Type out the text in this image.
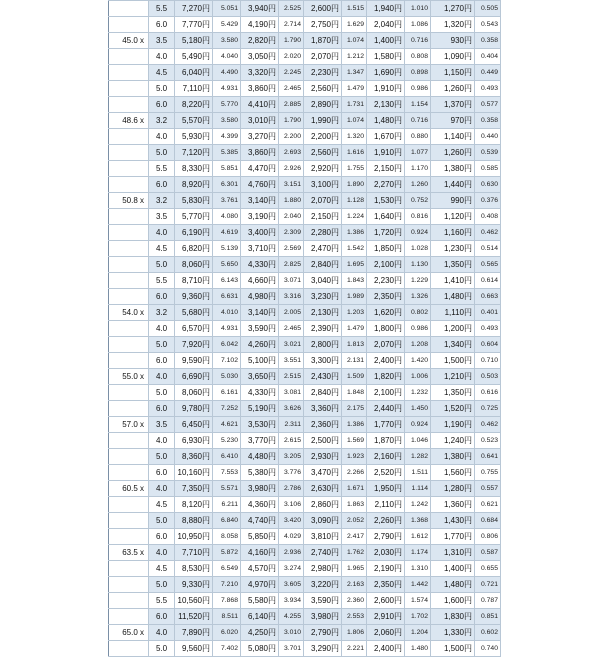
	5.5	7,270円	5.051	3,940円	2.525	2,600円	1.515	1,940円	1.010	1,270円	0.505
	6.0	7,770円	5.429	4,190円	2.714	2,750円	1.629	2,040円	1.086	1,320円	0.543
45.0 x	3.5	5,180円	3.580	2,820円	1.790	1,870円	1.074	1,400円	0.716	930円	0.358
	4.0	5,490円	4.040	3,050円	2.020	2,070円	1.212	1,580円	0.808	1,090円	0.404
	4.5	6,040円	4.490	3,320円	2.245	2,230円	1.347	1,690円	0.898	1,150円	0.449
	5.0	7,110円	4.931	3,860円	2.465	2,560円	1.479	1,910円	0.986	1,260円	0.493
	6.0	8,220円	5.770	4,410円	2.885	2,890円	1.731	2,130円	1.154	1,370円	0.577
48.6 x	3.2	5,570円	3.580	3,010円	1.790	1,990円	1.074	1,480円	0.716	970円	0.358
	4.0	5,930円	4.399	3,270円	2.200	2,200円	1.320	1,670円	0.880	1,140円	0.440
	5.0	7,120円	5.385	3,860円	2.693	2,560円	1.616	1,910円	1.077	1,260円	0.539
	5.5	8,330円	5.851	4,470円	2.926	2,920円	1.755	2,150円	1.170	1,380円	0.585
	6.0	8,920円	6.301	4,760円	3.151	3,100円	1.890	2,270円	1.260	1,440円	0.630
50.8 x	3.2	5,830円	3.761	3,140円	1.880	2,070円	1.128	1,530円	0.752	990円	0.376
	3.5	5,770円	4.080	3,190円	2.040	2,150円	1.224	1,640円	0.816	1,120円	0.408
	4.0	6,190円	4.619	3,400円	2.309	2,280円	1.386	1,720円	0.924	1,160円	0.462
	4.5	6,820円	5.139	3,710円	2.569	2,470円	1.542	1,850円	1.028	1,230円	0.514
	5.0	8,060円	5.650	4,330円	2.825	2,840円	1.695	2,100円	1.130	1,350円	0.565
	5.5	8,710円	6.143	4,660円	3.071	3,040円	1.843	2,230円	1.229	1,410円	0.614
	6.0	9,360円	6.631	4,980円	3.316	3,230円	1.989	2,350円	1.326	1,480円	0.663
54.0 x	3.2	5,680円	4.010	3,140円	2.005	2,130円	1.203	1,620円	0.802	1,110円	0.401
	4.0	6,570円	4.931	3,590円	2.465	2,390円	1.479	1,800円	0.986	1,200円	0.493
	5.0	7,920円	6.042	4,260円	3.021	2,800円	1.813	2,070円	1.208	1,340円	0.604
	6.0	9,590円	7.102	5,100円	3.551	3,300円	2.131	2,400円	1.420	1,500円	0.710
55.0 x	4.0	6,690円	5.030	3,650円	2.515	2,430円	1.509	1,820円	1.006	1,210円	0.503
	5.0	8,060円	6.161	4,330円	3.081	2,840円	1.848	2,100円	1.232	1,350円	0.616
	6.0	9,780円	7.252	5,190円	3.626	3,360円	2.175	2,440円	1.450	1,520円	0.725
57.0 x	3.5	6,450円	4.621	3,530円	2.311	2,360円	1.386	1,770円	0.924	1,190円	0.462
	4.0	6,930円	5.230	3,770円	2.615	2,500円	1.569	1,870円	1.046	1,240円	0.523
	5.0	8,360円	6.410	4,480円	3.205	2,930円	1.923	2,160円	1.282	1,380円	0.641
	6.0	10,160円	7.553	5,380円	3.776	3,470円	2.266	2,520円	1.511	1,560円	0.755
60.5 x	4.0	7,350円	5.571	3,980円	2.786	2,630円	1.671	1,950円	1.114	1,280円	0.557
	4.5	8,120円	6.211	4,360円	3.106	2,860円	1.863	2,110円	1.242	1,360円	0.621
	5.0	8,880円	6.840	4,740円	3.420	3,090円	2.052	2,260円	1.368	1,430円	0.684
	6.0	10,950円	8.058	5,850円	4.029	3,810円	2.417	2,790円	1.612	1,770円	0.806
63.5 x	4.0	7,710円	5.872	4,160円	2.936	2,740円	1.762	2,030円	1.174	1,310円	0.587
	4.5	8,530円	6.549	4,570円	3.274	2,980円	1.965	2,190円	1.310	1,400円	0.655
	5.0	9,330円	7.210	4,970円	3.605	3,220円	2.163	2,350円	1.442	1,480円	0.721
	5.5	10,560円	7.868	5,580円	3.934	3,590円	2.360	2,600円	1.574	1,600円	0.787
	6.0	11,520円	8.511	6,140円	4.255	3,980円	2.553	2,910円	1.702	1,830円	0.851
65.0 x	4.0	7,890円	6.020	4,250円	3.010	2,790円	1.806	2,060円	1.204	1,330円	0.602
	5.0	9,560円	7.402	5,080円	3.701	3,290円	2.221	2,400円	1.480	1,500円	0.740
